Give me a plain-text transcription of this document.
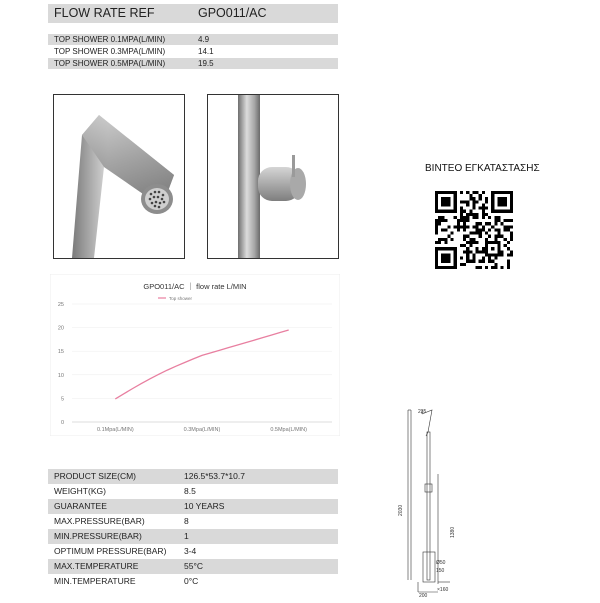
FLOW RATE REF	GPO011/AC
TOP SHOWER 0.1MPA(L/MIN)	4.9
TOP SHOWER 0.3MPA(L/MIN)	14.1
TOP SHOWER 0.5MPA(L/MIN)	19.5
GPO011/AC ｜ flow rate L/MIN
Top shower
0
5
10
15
20
25
0.1Mpa(L/MIN)	0.3Mpa(L/MIN)	0.5Mpa(L/MIN)
PRODUCT SIZE(CM)	126.5*53.7*10.7
WEIGHT(KG)	8.5
GUARANTEE	10 YEARS
MAX.PRESSURE(BAR)	8
MIN.PRESSURE(BAR)	1
OPTIMUM PRESSURE(BAR) 3-4
MAX.TEMPERATURE	55°C
MIN.TEMPERATURE	0°C
ΒΙΝΤΕΟ ΕΓΚΑΤΑΣΤΑΣΗΣ
235
2030
1380
Ø50
150
200
×160
